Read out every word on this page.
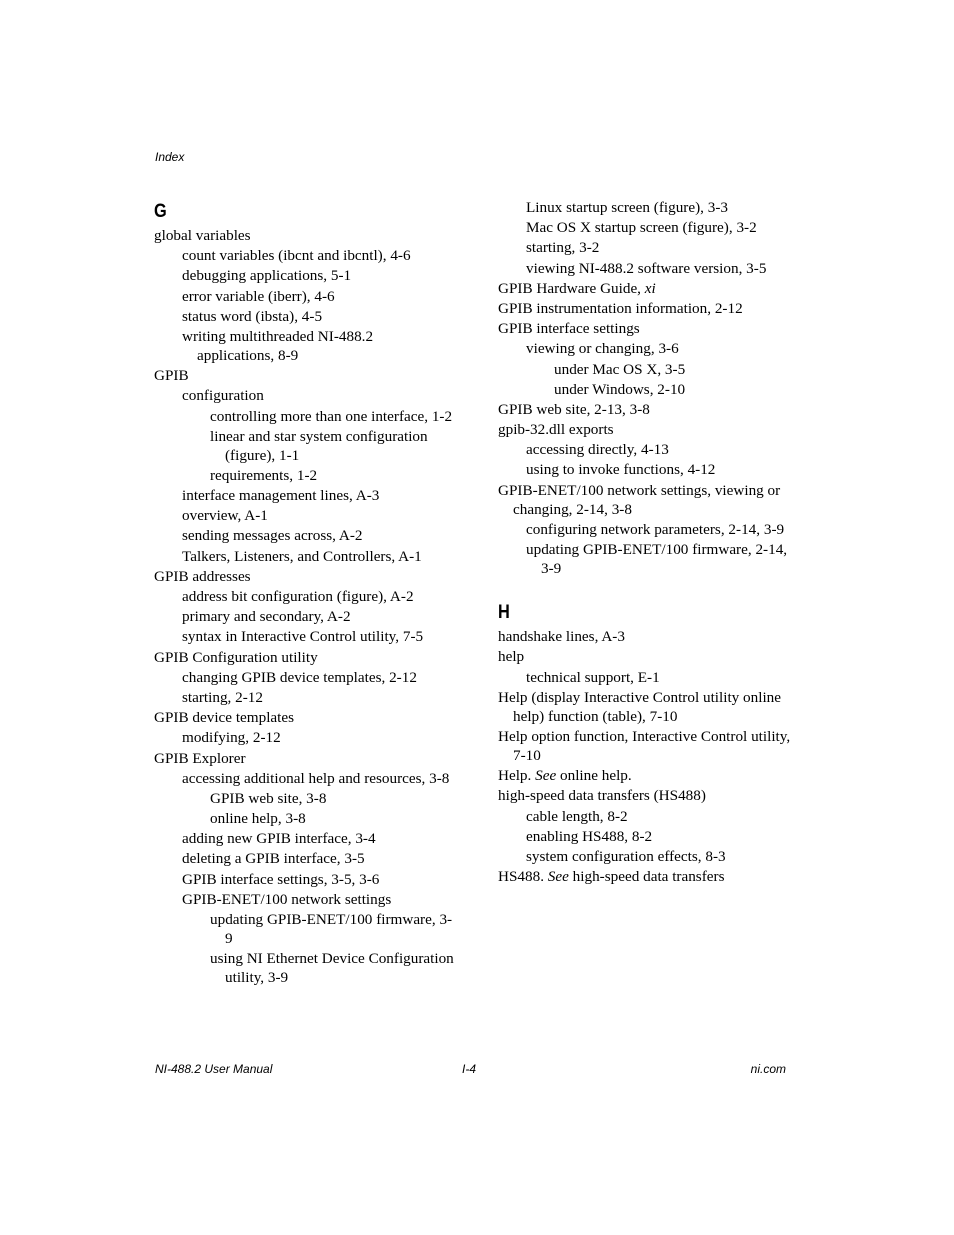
Index
G
global variables
count variables (ibcnt and ibcntl), 4-6
debugging applications, 5-1
error variable (iberr), 4-6
status word (ibsta), 4-5
writing multithreaded NI-488.2 applications, 8-9
GPIB
configuration
controlling more than one interface, 1-2
linear and star system configuration (figure), 1-1
requirements, 1-2
interface management lines, A-3
overview, A-1
sending messages across, A-2
Talkers, Listeners, and Controllers, A-1
GPIB addresses
address bit configuration (figure), A-2
primary and secondary, A-2
syntax in Interactive Control utility, 7-5
GPIB Configuration utility
changing GPIB device templates, 2-12
starting, 2-12
GPIB device templates
modifying, 2-12
GPIB Explorer
accessing additional help and resources, 3-8
GPIB web site, 3-8
online help, 3-8
adding new GPIB interface, 3-4
deleting a GPIB interface, 3-5
GPIB interface settings, 3-5, 3-6
GPIB-ENET/100 network settings
updating GPIB-ENET/100 firmware, 3-9
using NI Ethernet Device Configuration utility, 3-9
Linux startup screen (figure), 3-3
Mac OS X startup screen (figure), 3-2
starting, 3-2
viewing NI-488.2 software version, 3-5
GPIB Hardware Guide, xi
GPIB instrumentation information, 2-12
GPIB interface settings
viewing or changing, 3-6
under Mac OS X, 3-5
under Windows, 2-10
GPIB web site, 2-13, 3-8
gpib-32.dll exports
accessing directly, 4-13
using to invoke functions, 4-12
GPIB-ENET/100 network settings, viewing or changing, 2-14, 3-8
configuring network parameters, 2-14, 3-9
updating GPIB-ENET/100 firmware, 2-14, 3-9
H
handshake lines, A-3
help
technical support, E-1
Help (display Interactive Control utility online help) function (table), 7-10
Help option function, Interactive Control utility, 7-10
Help. See online help.
high-speed data transfers (HS488)
cable length, 8-2
enabling HS488, 8-2
system configuration effects, 8-3
HS488. See high-speed data transfers
NI-488.2 User Manual	I-4	ni.com
